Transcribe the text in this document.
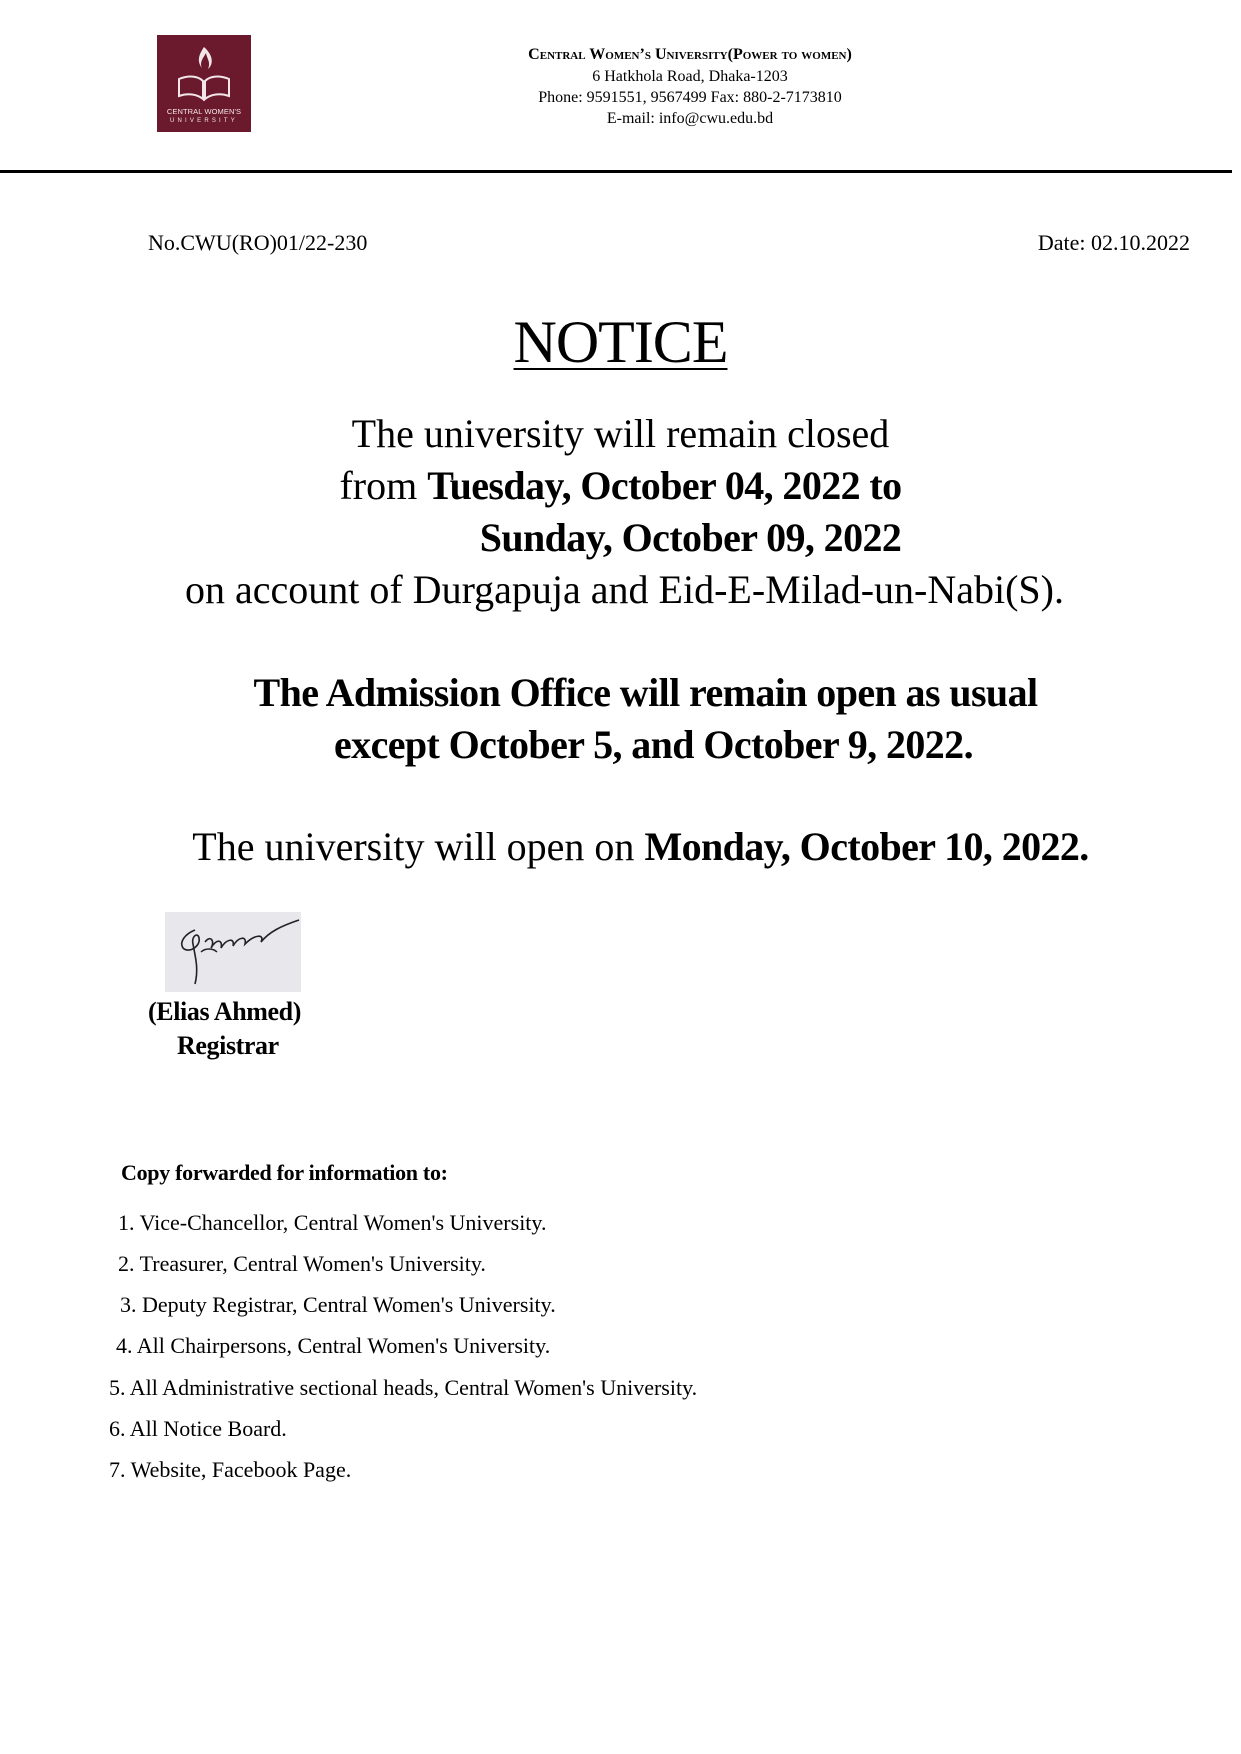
CENTRAL WOMEN'S
UNIVERSITY
Central Women’s University(Power to women)
6 Hatkhola Road, Dhaka-1203
Phone: 9591551, 9567499 Fax: 880-2-7173810
E-mail: info@cwu.edu.bd
No.CWU(RO)01/22-230	Date: 02.10.2022
NOTICE
The university will remain closed
from Tuesday, October 04, 2022 to
Sunday, October 09, 2022
on account of Durgapuja and Eid-E-Milad-un-Nabi(S).
The Admission Office will remain open as usual
except October 5, and October 9, 2022.
The university will open on Monday, October 10, 2022.
(Elias Ahmed)
Registrar
Copy forwarded for information to:
1. Vice-Chancellor, Central Women's University.
2. Treasurer, Central Women's University.
3. Deputy Registrar, Central Women's University.
4. All Chairpersons, Central Women's University.
5. All Administrative sectional heads, Central Women's University.
6. All Notice Board.
7. Website, Facebook Page.
